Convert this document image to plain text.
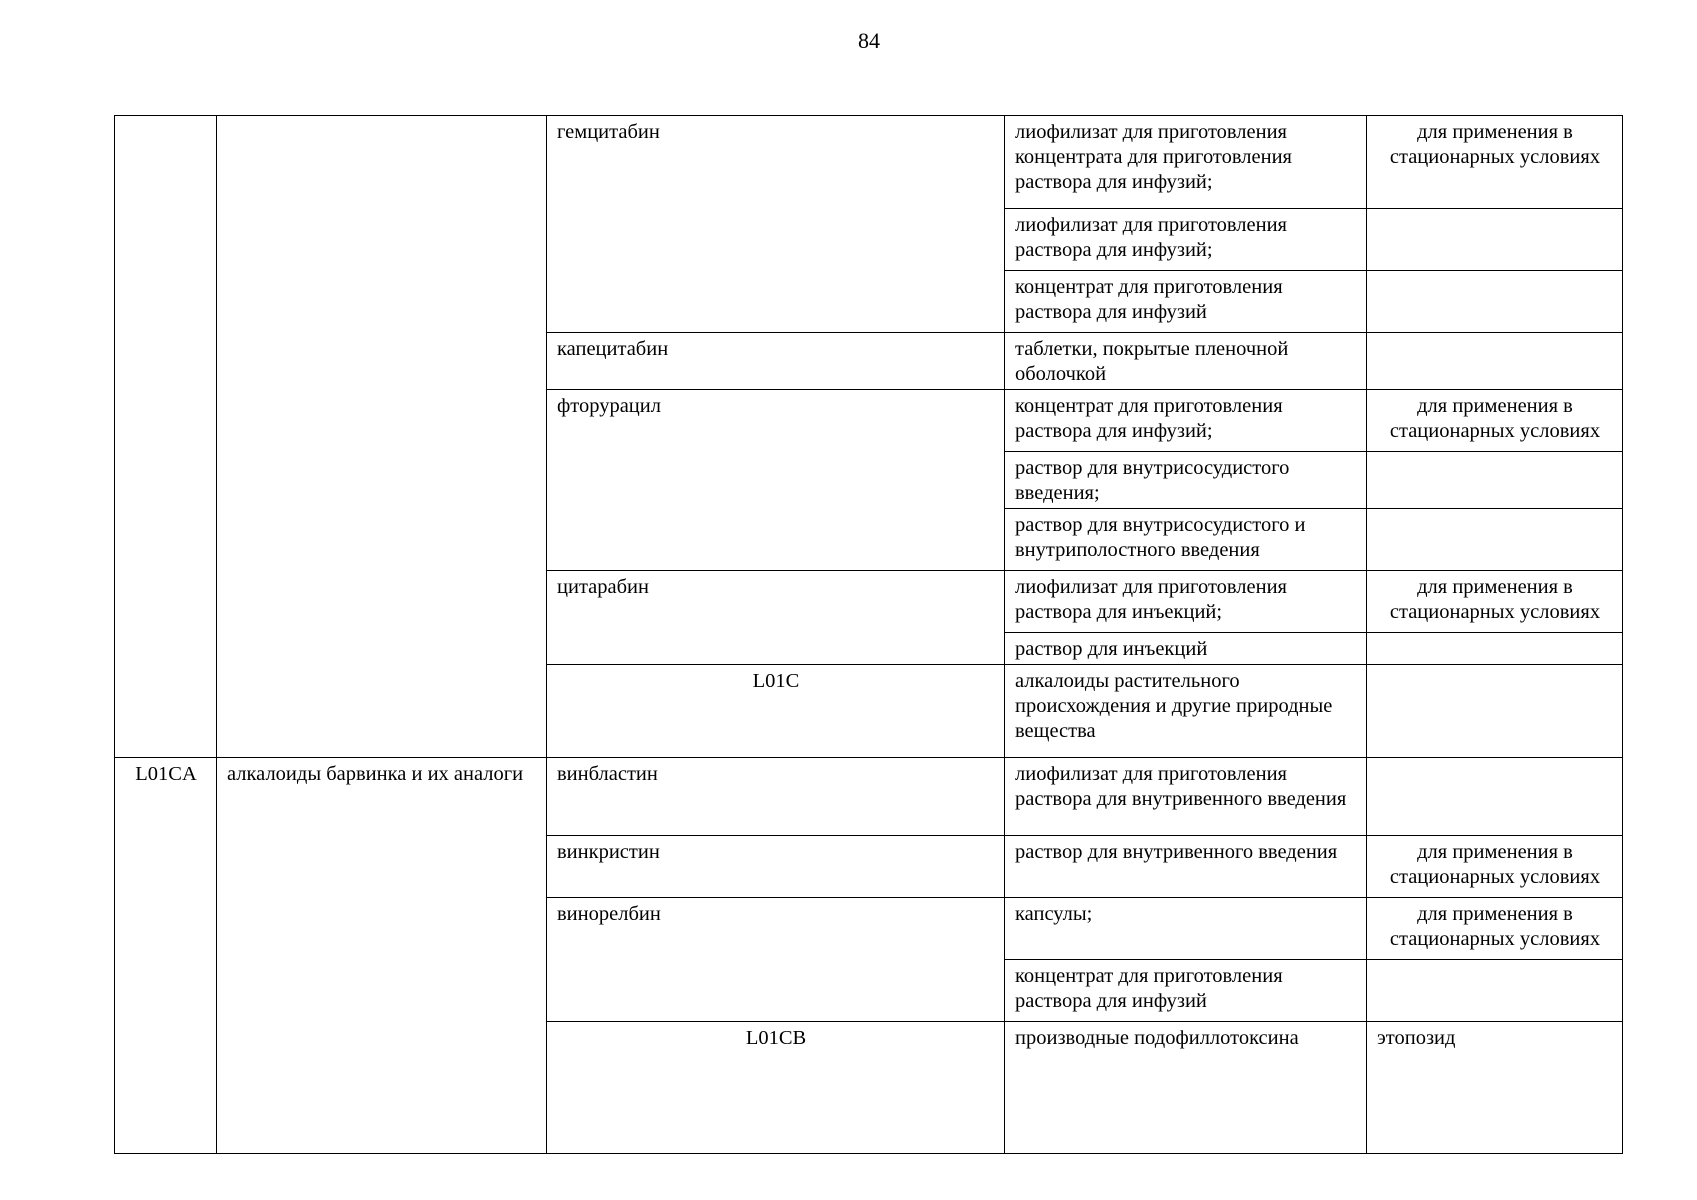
84
		гемцитабин	лиофилизат для приготовления концентрата для приготовления раствора для инфузий;	для применения в стационарных условиях	
			лиофилизат для приготовления раствора для инфузий;		
			концентрат для приготовления раствора для инфузий		
		капецитабин	таблетки, покрытые пленочной оболочкой		
		фторурацил	концентрат для приготовления раствора для инфузий;	для применения в стационарных условиях	
			раствор для внутрисосудистого введения;		
			раствор для внутрисосудистого и внутриполостного введения		
		цитарабин	лиофилизат для приготовления раствора для инъекций;	для применения в стационарных условиях	
			раствор для инъекций		
		L01C	алкалоиды растительного происхождения и другие природные вещества			
L01CA	алкалоиды барвинка и их аналоги	винбластин	лиофилизат для приготовления раствора для внутривенного введения		
		винкристин	раствор для внутривенного введения	для применения в стационарных условиях	
		винорелбин	капсулы;	для применения в стационарных условиях	
			концентрат для приготовления раствора для инфузий		
		L01CB	производные подофиллотоксина	этопозид		
